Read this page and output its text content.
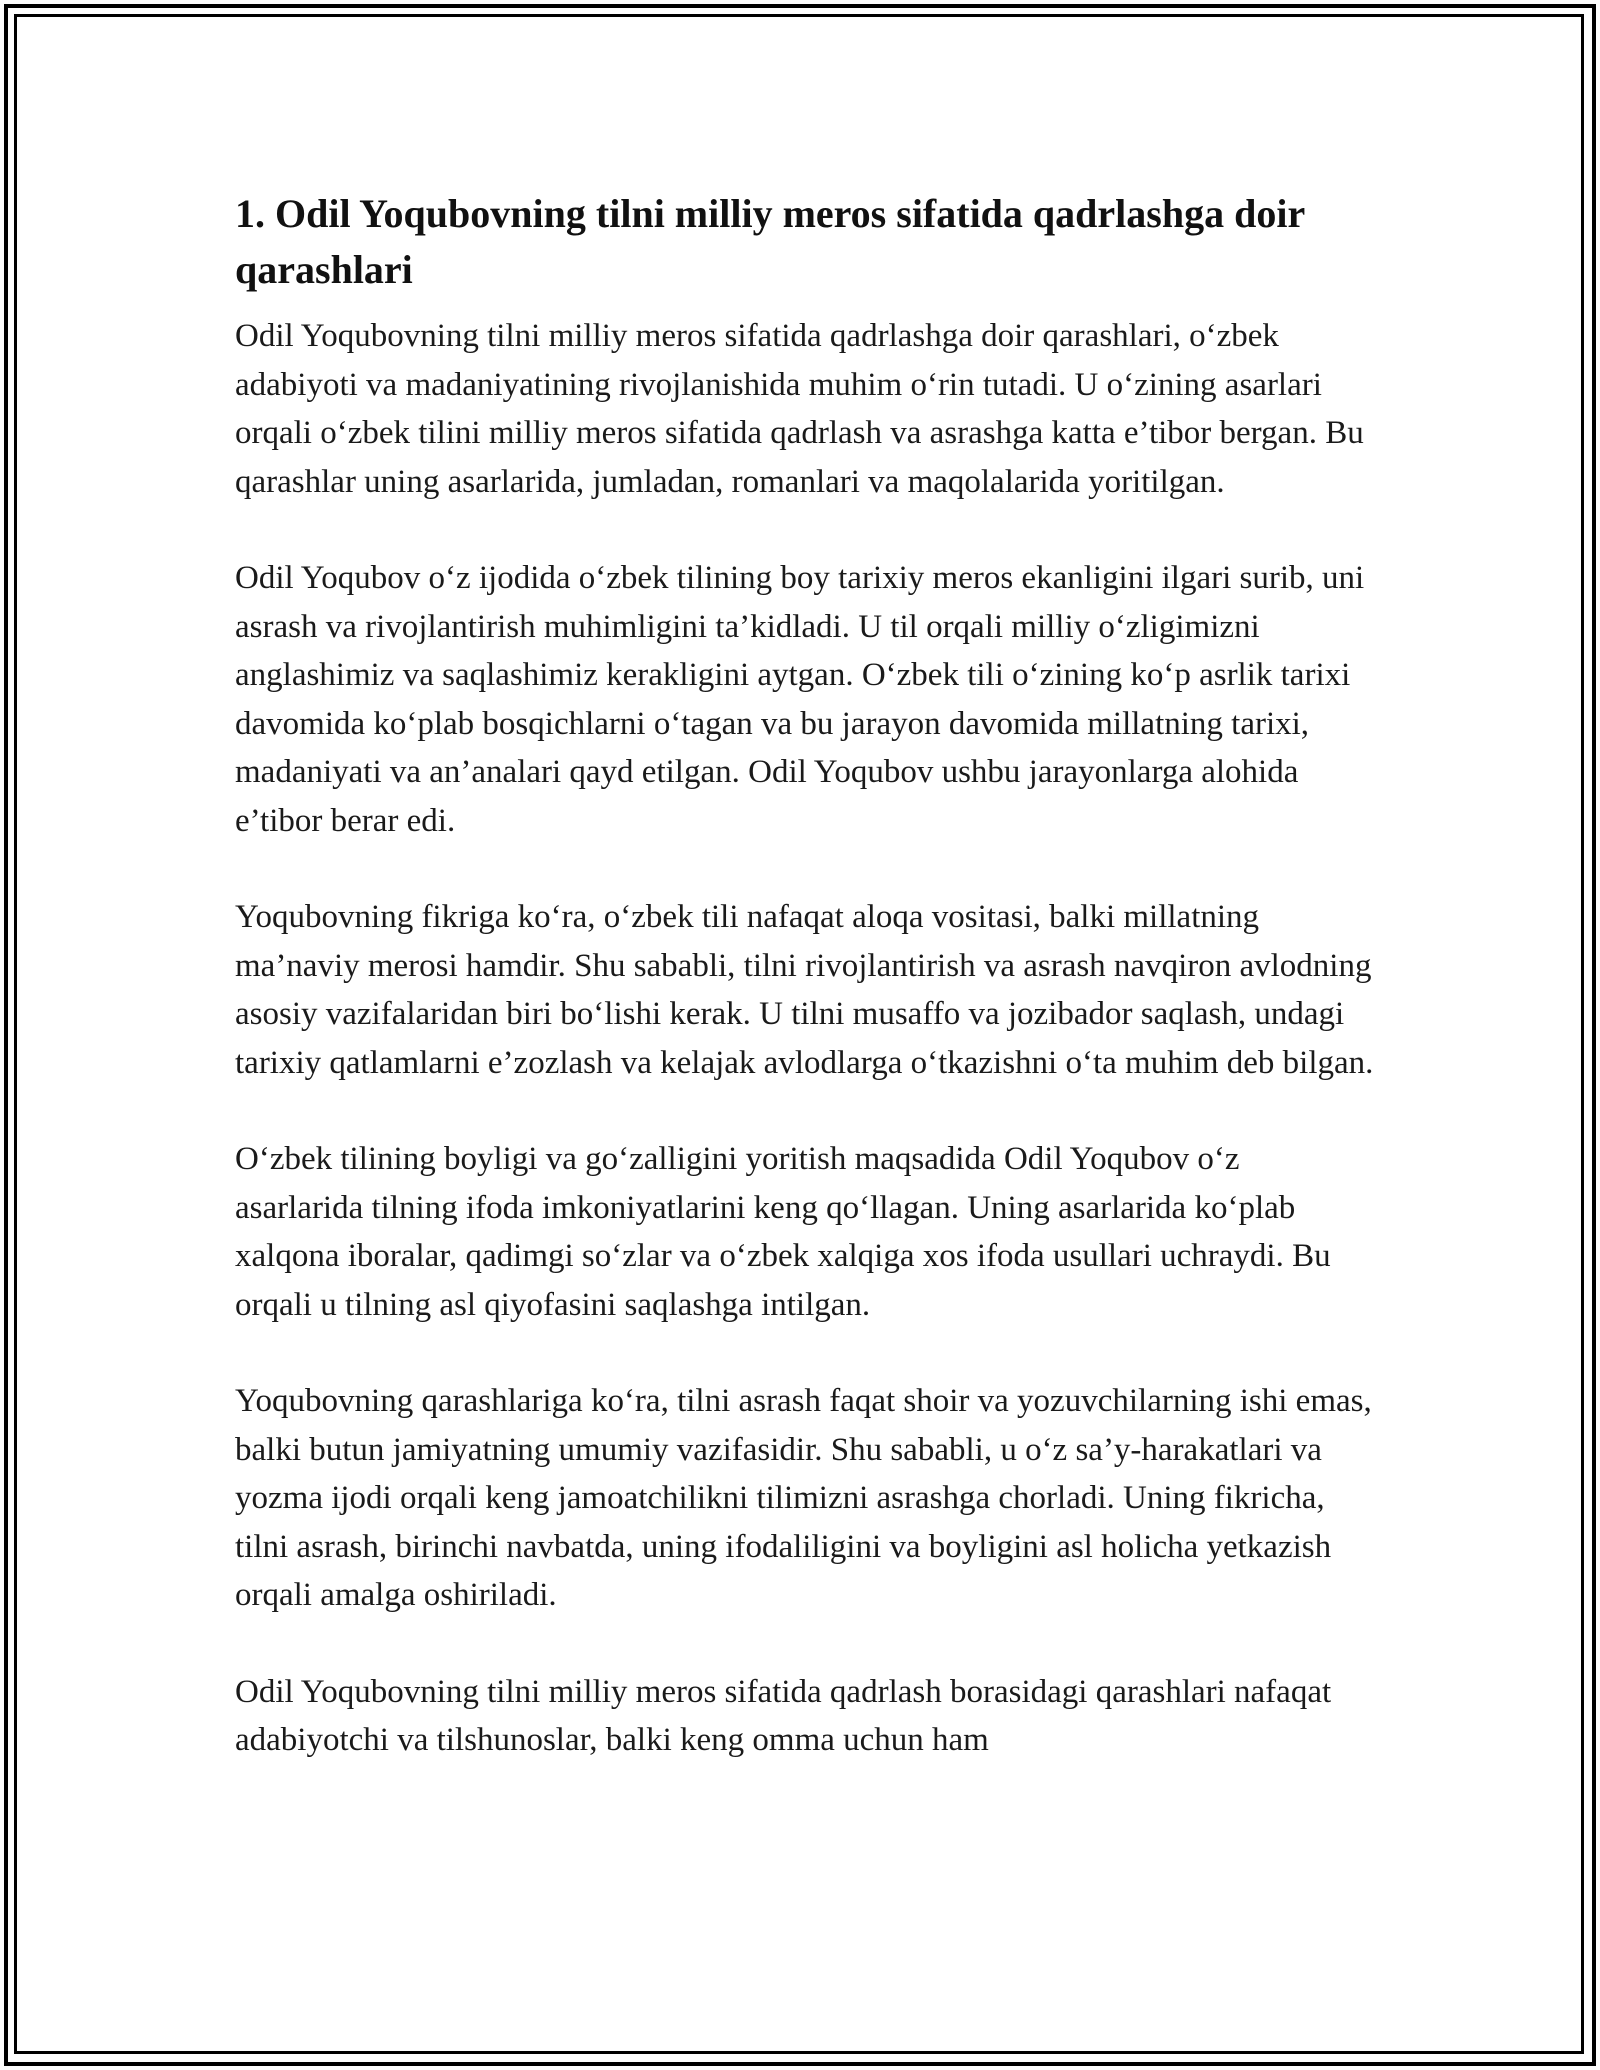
1. Odil Yoqubovning tilni milliy meros sifatida qadrlashga doir qarashlari

Odil Yoqubovning tilni milliy meros sifatida qadrlashga doir qarashlari, o‘zbek adabiyoti va madaniyatining rivojlanishida muhim o‘rin tutadi. U o‘zining asarlari orqali o‘zbek tilini milliy meros sifatida qadrlash va asrashga katta e’tibor bergan. Bu qarashlar uning asarlarida, jumladan, romanlari va maqolalarida yoritilgan.

Odil Yoqubov o‘z ijodida o‘zbek tilining boy tarixiy meros ekanligini ilgari surib, uni asrash va rivojlantirish muhimligini ta’kidladi. U til orqali milliy o‘zligimizni anglashimiz va saqlashimiz kerakligini aytgan. O‘zbek tili o‘zining ko‘p asrlik tarixi davomida ko‘plab bosqichlarni o‘tagan va bu jarayon davomida millatning tarixi, madaniyati va an’analari qayd etilgan. Odil Yoqubov ushbu jarayonlarga alohida e’tibor berar edi.

Yoqubovning fikriga ko‘ra, o‘zbek tili nafaqat aloqa vositasi, balki millatning ma’naviy merosi hamdir. Shu sababli, tilni rivojlantirish va asrash navqiron avlodning asosiy vazifalaridan biri bo‘lishi kerak. U tilni musaffo va jozibador saqlash, undagi tarixiy qatlamlarni e’zozlash va kelajak avlodlarga o‘tkazishni o‘ta muhim deb bilgan.

O‘zbek tilining boyligi va go‘zalligini yoritish maqsadida Odil Yoqubov o‘z asarlarida tilning ifoda imkoniyatlarini keng qo‘llagan. Uning asarlarida ko‘plab xalqona iboralar, qadimgi so‘zlar va o‘zbek xalqiga xos ifoda usullari uchraydi. Bu orqali u tilning asl qiyofasini saqlashga intilgan.

Yoqubovning qarashlariga ko‘ra, tilni asrash faqat shoir va yozuvchilarning ishi emas, balki butun jamiyatning umumiy vazifasidir. Shu sababli, u o‘z sa’y-harakatlari va yozma ijodi orqali keng jamoatchilikni tilimizni asrashga chorladi. Uning fikricha, tilni asrash, birinchi navbatda, uning ifodaliligini va boyligini asl holicha yetkazish orqali amalga oshiriladi.

Odil Yoqubovning tilni milliy meros sifatida qadrlash borasidagi qarashlari nafaqat adabiyotchi va tilshunoslar, balki keng omma uchun ham
